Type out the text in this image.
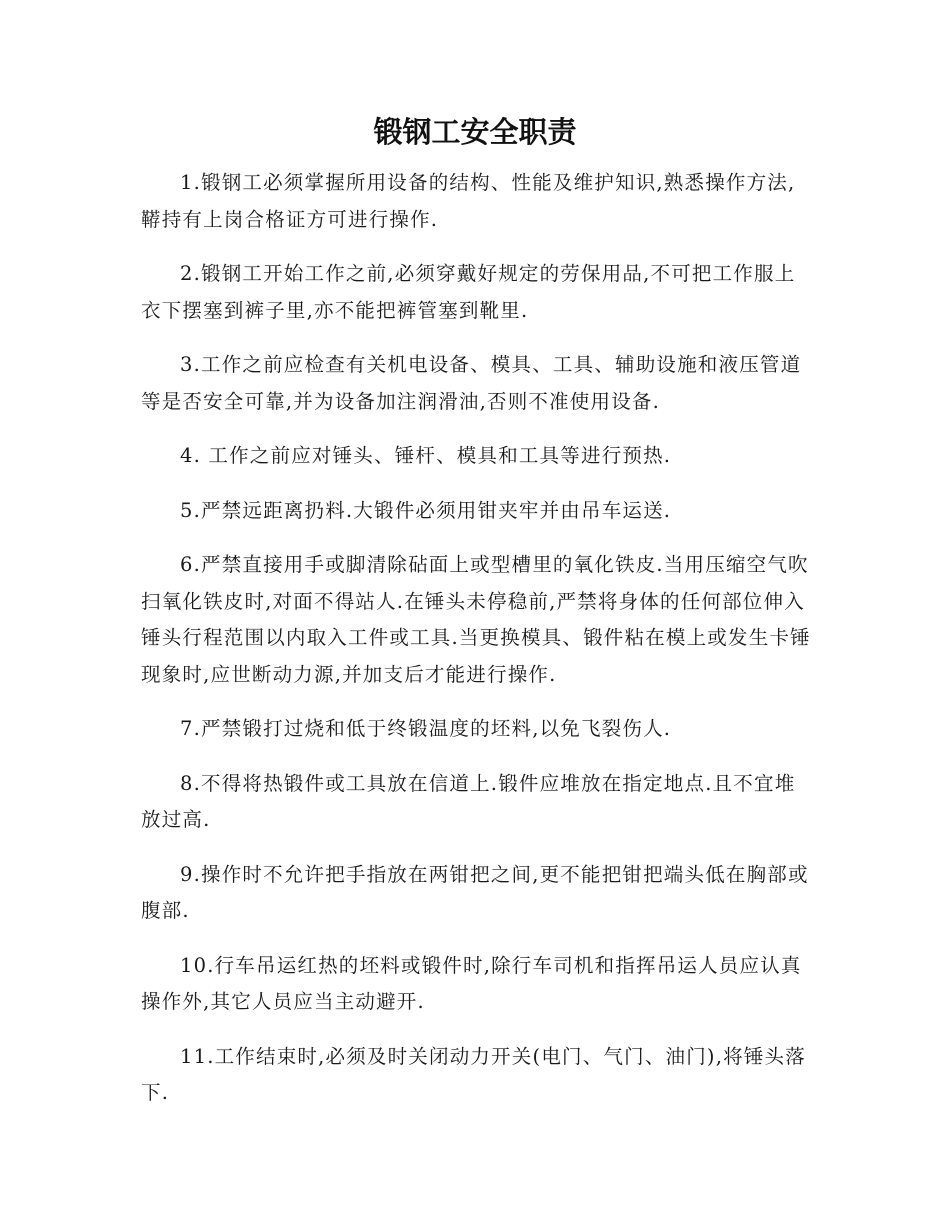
锻钢工安全职责

1.锻钢工必须掌握所用设备的结构、性能及维护知识,熟悉操作方法,鞯持有上岗合格证方可进行操作.

2.锻钢工开始工作之前,必须穿戴好规定的劳保用品,不可把工作服上衣下摆塞到裤子里,亦不能把裤管塞到靴里.

3.工作之前应检查有关机电设备、模具、工具、辅助设施和液压管道等是否安全可靠,并为设备加注润滑油,否则不准使用设备.

4. 工作之前应对锤头、锤杆、模具和工具等进行预热.

5.严禁远距离扔料.大锻件必须用钳夹牢并由吊车运送.

6.严禁直接用手或脚清除砧面上或型槽里的氧化铁皮.当用压缩空气吹扫氧化铁皮时,对面不得站人.在锤头未停稳前,严禁将身体的任何部位伸入锤头行程范围以内取入工件或工具.当更换模具、锻件粘在模上或发生卡锤现象时,应世断动力源,并加支后才能进行操作.

7.严禁锻打过烧和低于终锻温度的坯料,以免飞裂伤人.

8.不得将热锻件或工具放在信道上.锻件应堆放在指定地点.且不宜堆放过高.

9.操作时不允许把手指放在两钳把之间,更不能把钳把端头低在胸部或腹部.

10.行车吊运红热的坯料或锻件时,除行车司机和指挥吊运人员应认真操作外,其它人员应当主动避开.

11.工作结束时,必须及时关闭动力开关(电门、气门、油门),将锤头落下.
